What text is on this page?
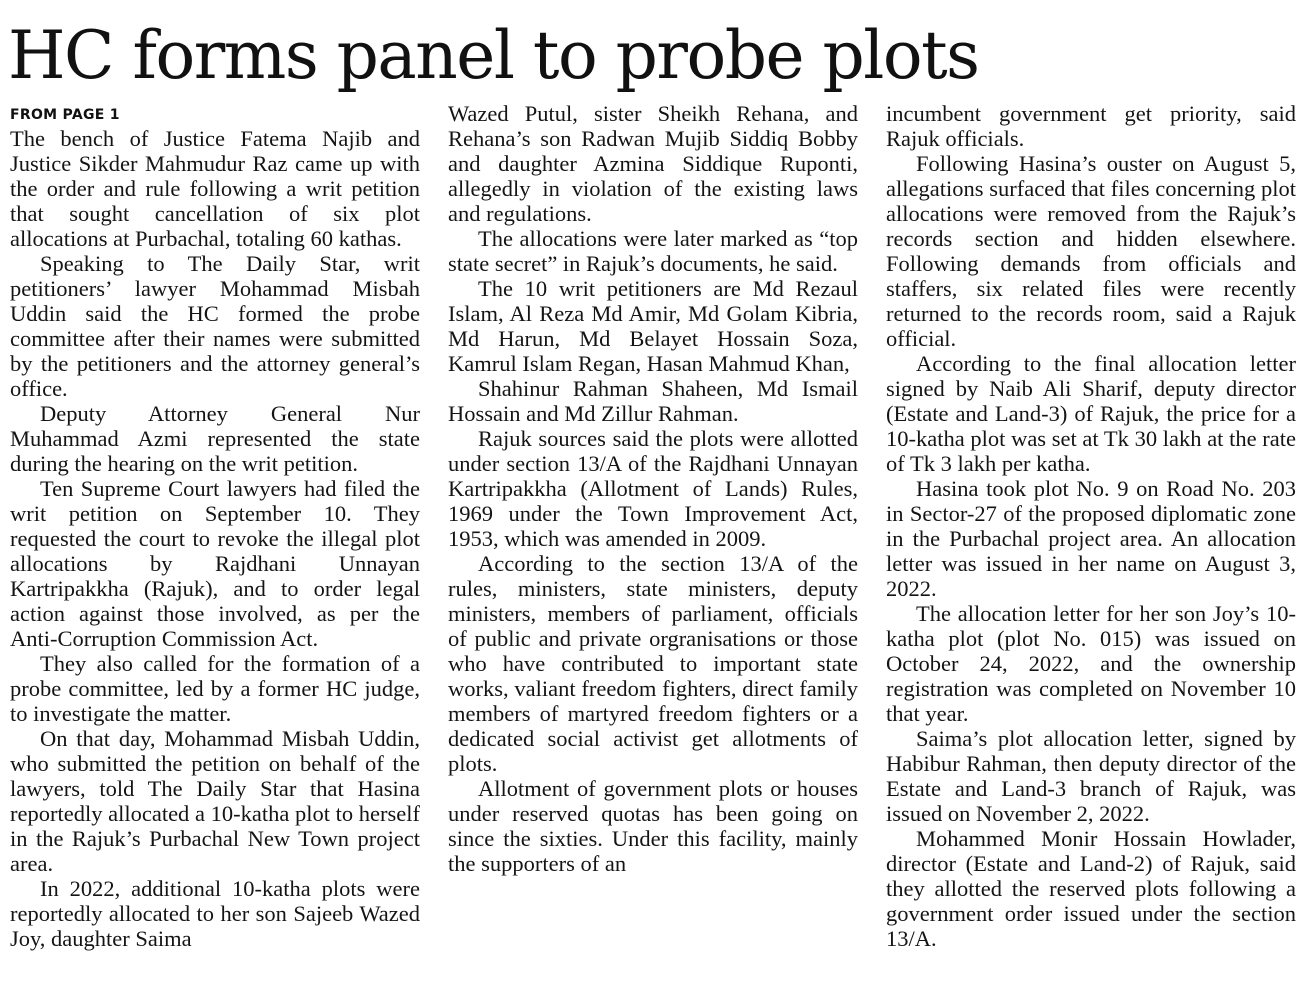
HC forms panel to probe plots
FROM PAGE 1

The bench of Justice Fatema Najib and Justice Sikder Mahmudur Raz came up with the order and rule following a writ petition that sought cancellation of six plot allocations at Purbachal, totaling 60 kathas.

Speaking to The Daily Star, writ petitioners’ lawyer Mohammad Misbah Uddin said the HC formed the probe committee after their names were submitted by the petitioners and the attorney general’s office.

Deputy Attorney General Nur Muhammad Azmi represented the state during the hearing on the writ petition.

Ten Supreme Court lawyers had filed the writ petition on September 10. They requested the court to revoke the illegal plot allocations by Rajdhani Unnayan Kartripakkha (Rajuk), and to order legal action against those involved, as per the Anti-Corruption Commission Act.

They also called for the formation of a probe committee, led by a former HC judge, to investigate the matter.

On that day, Mohammad Misbah Uddin, who submitted the petition on behalf of the lawyers, told The Daily Star that Hasina reportedly allocated a 10-katha plot to herself in the Rajuk’s Purbachal New Town project area.

In 2022, additional 10-katha plots were reportedly allocated to her son Sajeeb Wazed Joy, daughter Saima

Wazed Putul, sister Sheikh Rehana, and Rehana’s son Radwan Mujib Siddiq Bobby and daughter Azmina Siddique Ruponti, allegedly in violation of the existing laws and regulations.

The allocations were later marked as “top state secret” in Rajuk’s documents, he said.

The 10 writ petitioners are Md Rezaul Islam, Al Reza Md Amir, Md Golam Kibria, Md Harun, Md Belayet Hossain Soza, Kamrul Islam Regan, Hasan Mahmud Khan,

Shahinur Rahman Shaheen, Md Ismail Hossain and Md Zillur Rahman.

Rajuk sources said the plots were allotted under section 13/A of the Rajdhani Unnayan Kartripakkha (Allotment of Lands) Rules, 1969 under the Town Improvement Act, 1953, which was amended in 2009.

According to the section 13/A of the rules, ministers, state ministers, deputy ministers, members of parliament, officials of public and private orgranisations or those who have contributed to important state works, valiant freedom fighters, direct family members of martyred freedom fighters or a dedicated social activist get allotments of plots.

Allotment of government plots or houses under reserved quotas has been going on since the sixties. Under this facility, mainly the supporters of an

incumbent government get priority, said Rajuk officials.

Following Hasina’s ouster on August 5, allegations surfaced that files concerning plot allocations were removed from the Rajuk’s records section and hidden elsewhere. Following demands from officials and staffers, six related files were recently returned to the records room, said a Rajuk official.

According to the final allocation letter signed by Naib Ali Sharif, deputy director (Estate and Land-3) of Rajuk, the price for a 10-katha plot was set at Tk 30 lakh at the rate of Tk 3 lakh per katha.

Hasina took plot No. 9 on Road No. 203 in Sector-27 of the proposed diplomatic zone in the Purbachal project area. An allocation letter was issued in her name on August 3, 2022.

The allocation letter for her son Joy’s 10-katha plot (plot No. 015) was issued on October 24, 2022, and the ownership registration was completed on November 10 that year.

Saima’s plot allocation letter, signed by Habibur Rahman, then deputy director of the Estate and Land-3 branch of Rajuk, was issued on November 2, 2022.

Mohammed Monir Hossain Howlader, director (Estate and Land-2) of Rajuk, said they allotted the reserved plots following a government order issued under the section 13/A.
